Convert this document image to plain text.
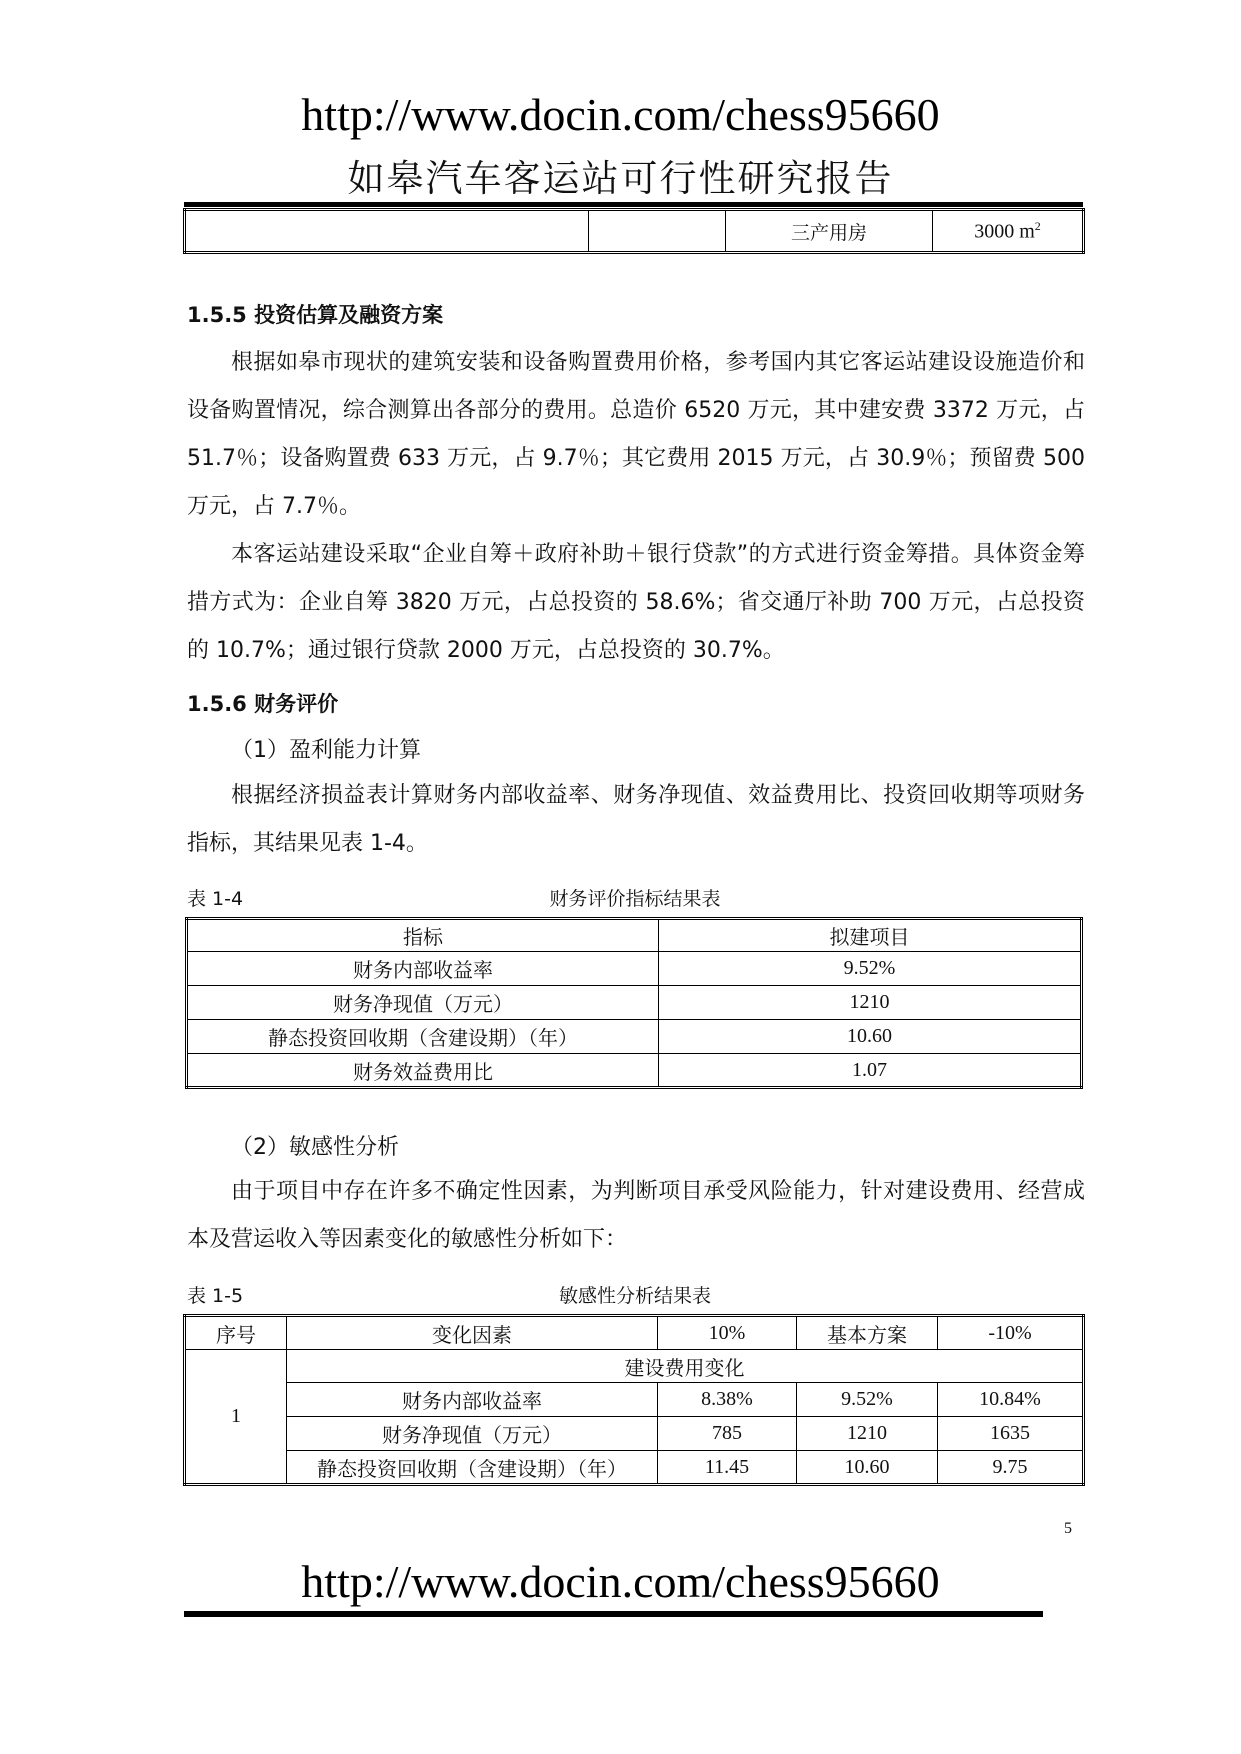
http://www.docin.com/chess95660
如皋汽车客运站可行性研究报告
		三产用房	3000 $m^2$
1.5.5 投资估算及融资方案
根据如皋市现状的建筑安装和设备购置费用价格，参考国内其它客运站建设设施造价和设备购置情况，综合测算出各部分的费用。总造价 6520 万元，其中建安费 3372 万元，占 51.7％；设备购置费 633 万元，占 9.7％；其它费用 2015 万元，占 30.9％；预留费 500 万元，占 7.7％。
本客运站建设采取“企业自筹＋政府补助＋银行贷款”的方式进行资金筹措。具体资金筹措方式为：企业自筹 3820 万元，占总投资的 58.6%；省交通厅补助 700 万元，占总投资的 10.7%；通过银行贷款 2000 万元，占总投资的 30.7%。
1.5.6 财务评价
（1）盈利能力计算
根据经济损益表计算财务内部收益率、财务净现值、效益费用比、投资回收期等项财务指标，其结果见表 1-4。
表 1-4	财务评价指标结果表
指标	拟建项目
财务内部收益率	9.52%
财务净现值（万元）	1210
静态投资回收期（含建设期）（年）	10.60
财务效益费用比	1.07
（2）敏感性分析
由于项目中存在许多不确定性因素，为判断项目承受风险能力，针对建设费用、经营成本及营运收入等因素变化的敏感性分析如下：
表 1-5	敏感性分析结果表
序号	变化因素	10%	基本方案	-10%
1	建设费用变化			
	财务内部收益率	8.38%	9.52%	10.84%
	财务净现值（万元）	785	1210	1635
	静态投资回收期（含建设期）（年）	11.45	10.60	9.75
5
http://www.docin.com/chess95660
